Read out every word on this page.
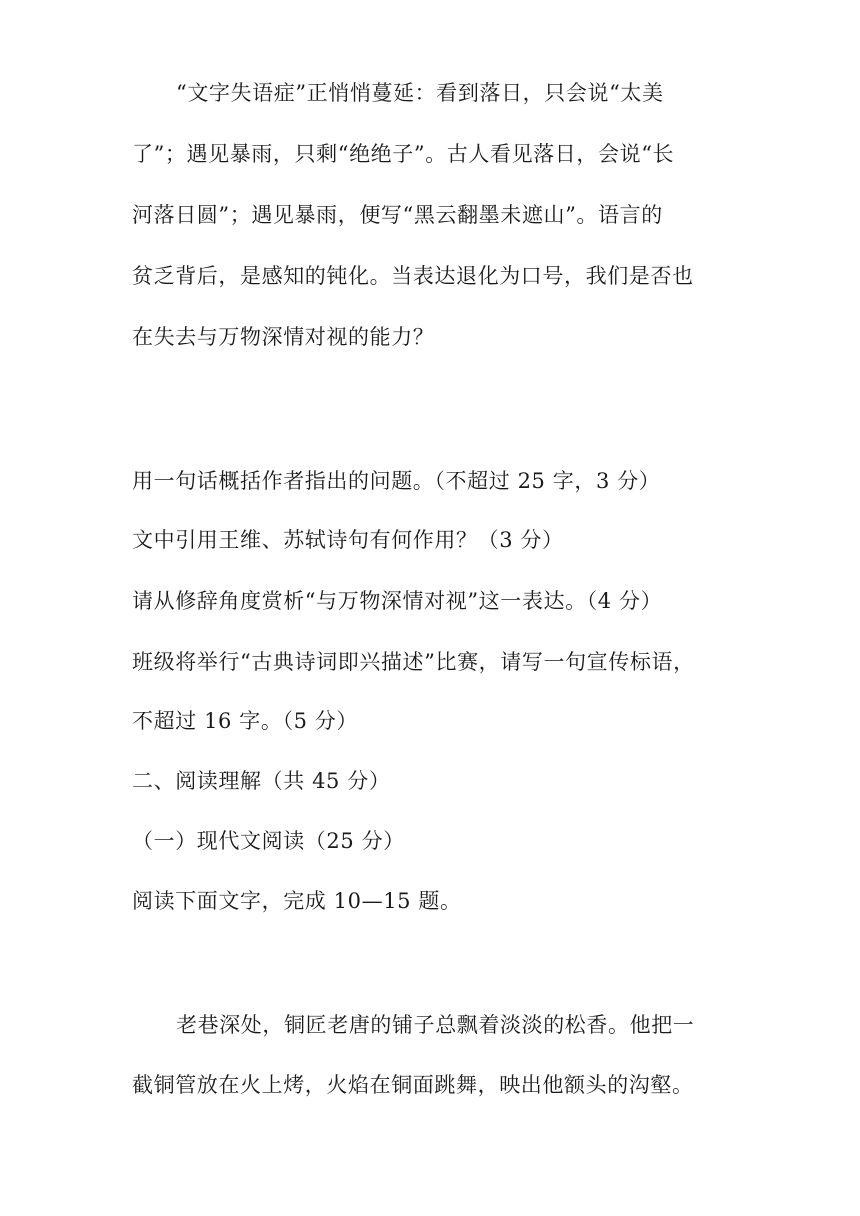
“文字失语症”正悄悄蔓延：看到落日，只会说“太美
了”；遇见暴雨，只剩“绝绝子”。古人看见落日，会说“长
河落日圆”；遇见暴雨，便写“黑云翻墨未遮山”。语言的
贫乏背后，是感知的钝化。当表达退化为口号，我们是否也
在失去与万物深情对视的能力？
用一句话概括作者指出的问题。（不超过 25 字，3 分）
文中引用王维、苏轼诗句有何作用？（3 分）
请从修辞角度赏析“与万物深情对视”这一表达。（4 分）
班级将举行“古典诗词即兴描述”比赛，请写一句宣传标语，
不超过 16 字。（5 分）
二、阅读理解（共 45 分）
（一）现代文阅读（25 分）
阅读下面文字，完成 10—15 题。
老巷深处，铜匠老唐的铺子总飘着淡淡的松香。他把一
截铜管放在火上烤，火焰在铜面跳舞，映出他额头的沟壑。
